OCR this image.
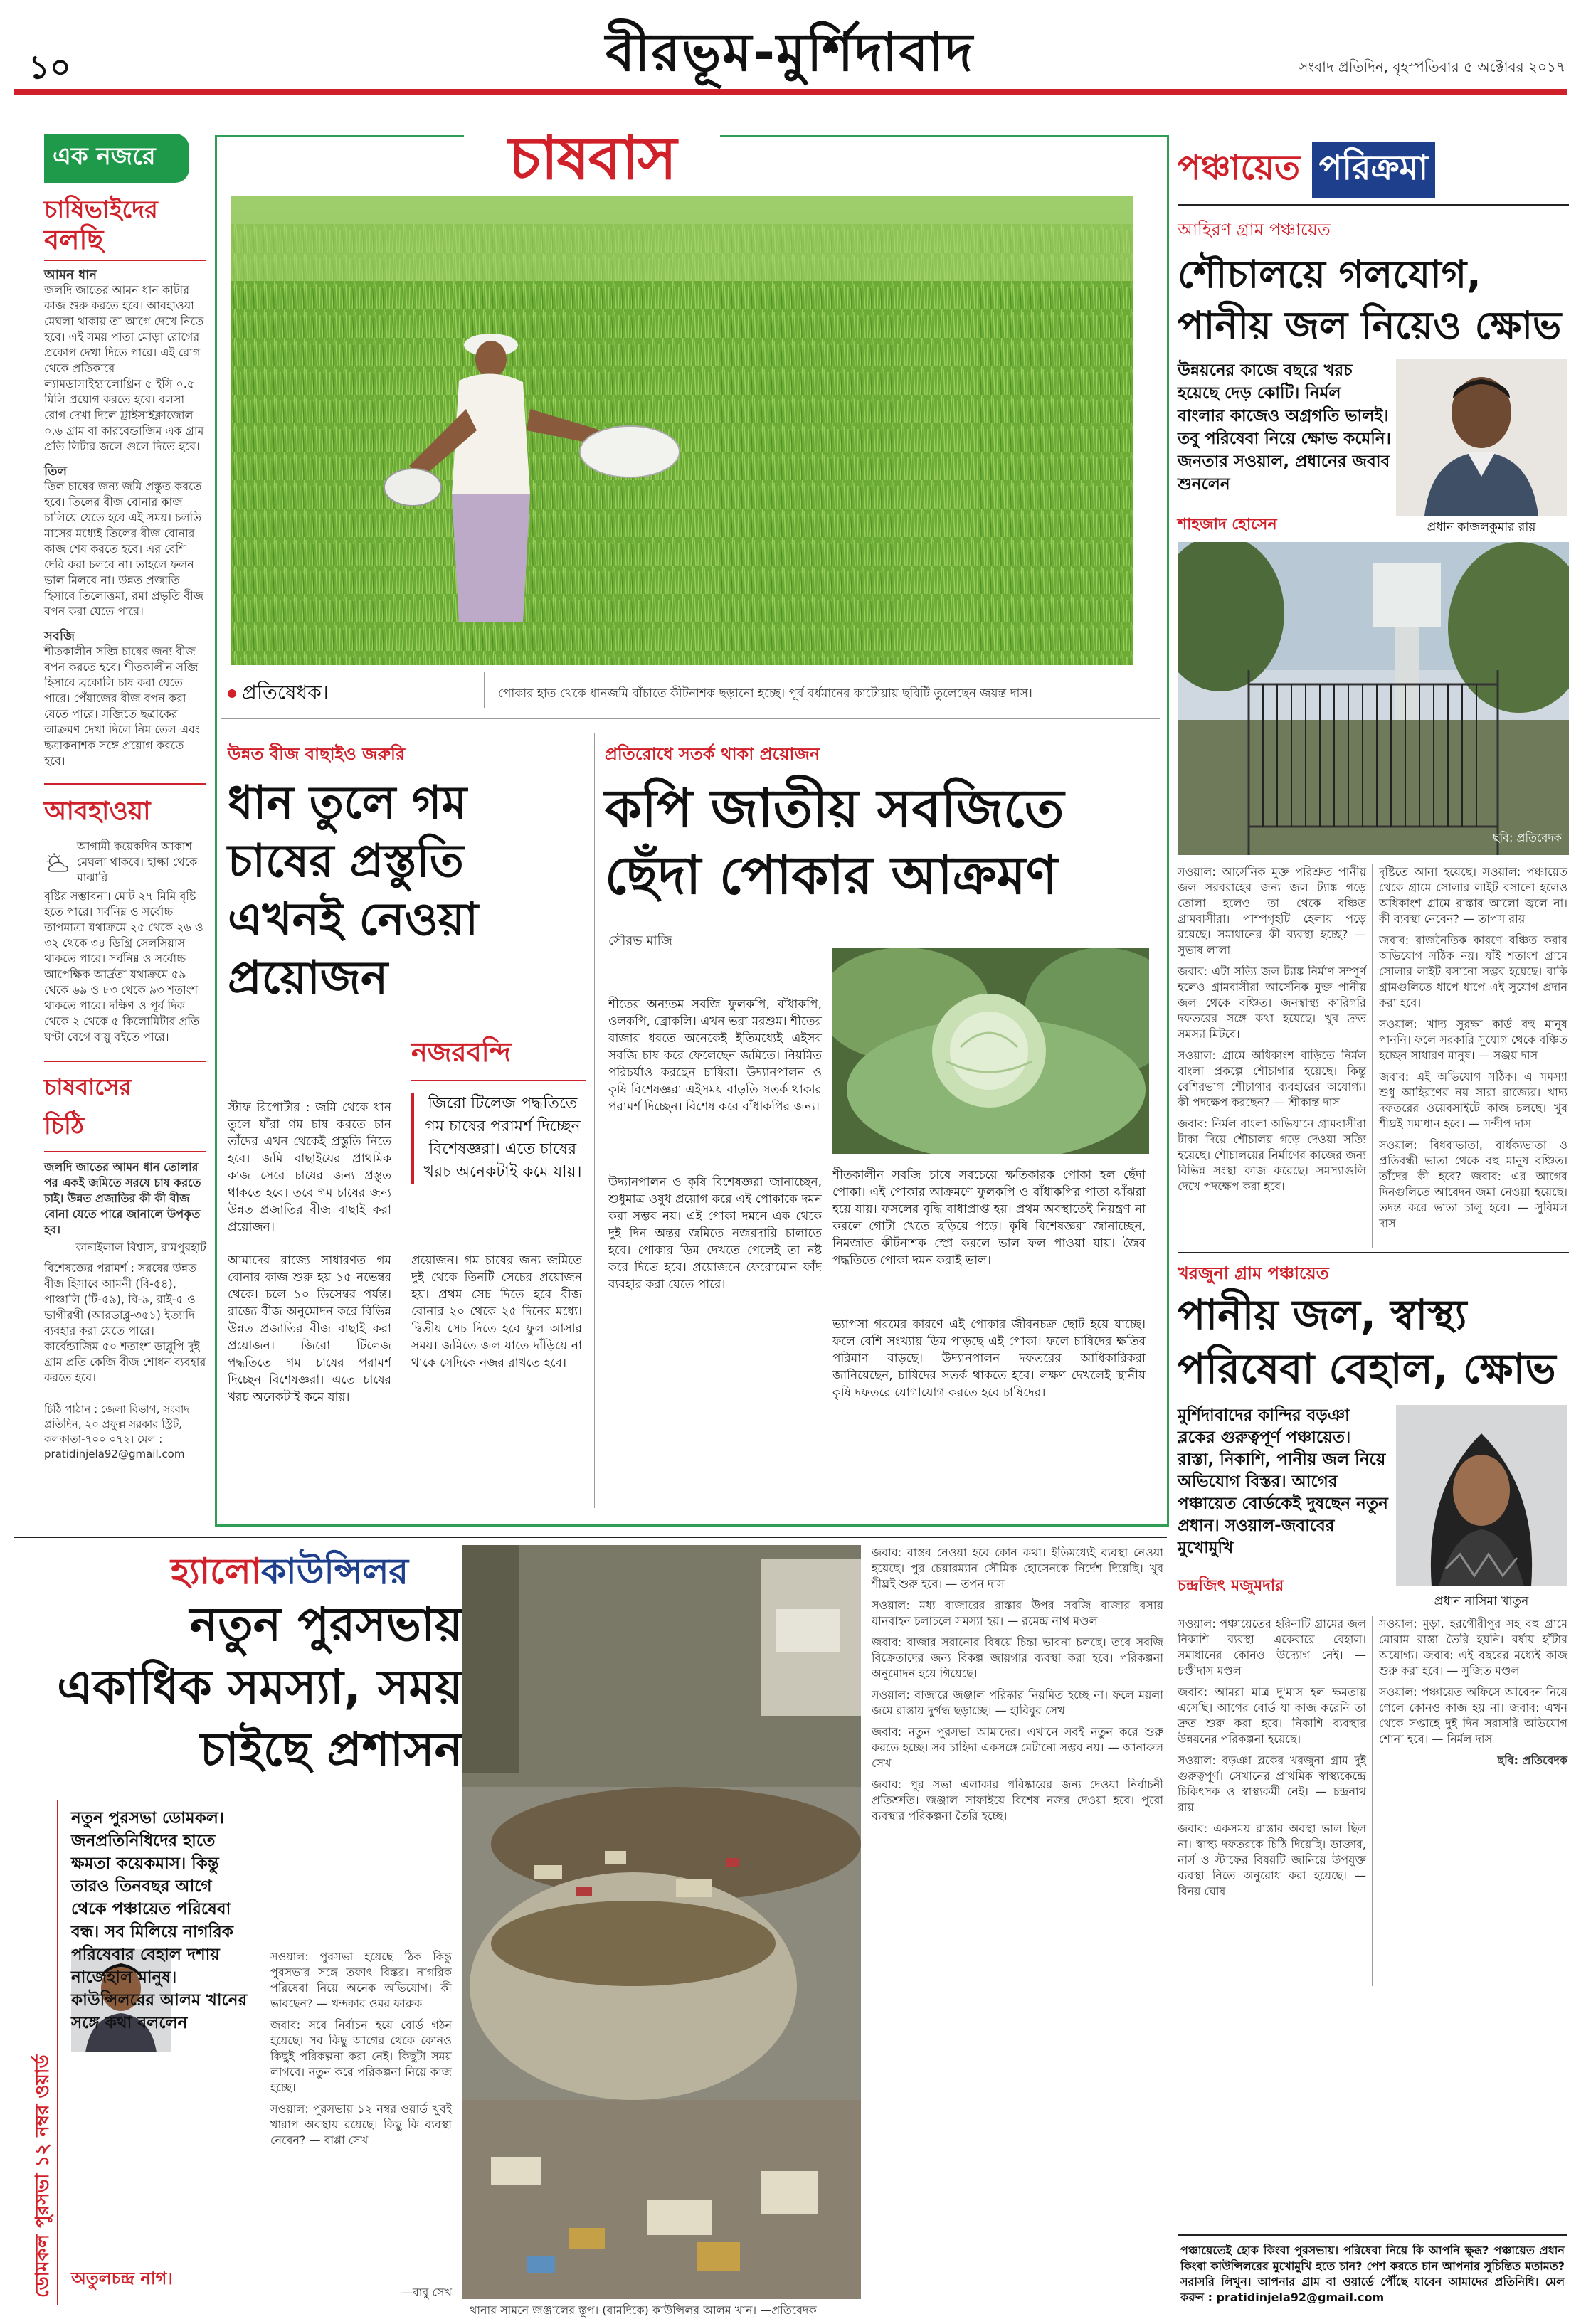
১০	বীরভূম-মুর্শিদাবাদ	সংবাদ প্রতিদিন, বৃহস্পতিবার ৫ অক্টোবর ২০১৭
এক নজরে
চাষিভাইদের
বলছি
আমন ধান
জলদি জাতের আমন ধান কাটার কাজ শুরু করতে হবে। আবহাওয়া মেঘলা থাকায় তা আগে দেখে নিতে হবে। এই সময় পাতা মোড়া রোগের প্রকোপ দেখা দিতে পারে। এই রোগ থেকে প্রতিকারে ল্যামডাসাইহ্যালোথ্রিন ৫ ইসি ০.৫ মিলি প্রয়োগ করতে হবে। বলসা রোগ দেখা দিলে ট্রাইসাইক্লাজোল ০.৬ গ্রাম বা কারবেন্ডাজিম এক গ্রাম প্রতি লিটার জলে গুলে দিতে হবে।
তিল
তিল চাষের জন্য জমি প্রস্তুত করতে হবে। তিলের বীজ বোনার কাজ চালিয়ে যেতে হবে এই সময়। চলতি মাসের মধ্যেই তিলের বীজ বোনার কাজ শেষ করতে হবে। এর বেশি দেরি করা চলবে না। তাহলে ফলন ভাল মিলবে না। উন্নত প্রজাতি হিসাবে তিলোত্তমা, রমা প্রভৃতি বীজ বপন করা যেতে পারে।
সবজি
শীতকালীন সব্জি চাষের জন্য বীজ বপন করতে হবে। শীতকালীন সব্জি হিসাবে ব্রকোলি চাষ করা যেতে পারে। পেঁয়াজের বীজ বপন করা যেতে পারে। সব্জিতে ছত্রাকের আক্রমণ দেখা দিলে নিম তেল এবং ছত্রাকনাশক সঙ্গে প্রয়োগ করতে হবে।
আবহাওয়া
আগামী কয়েকদিন আকাশ মেঘলা থাকবে। হাল্কা থেকে মাঝারি
বৃষ্টির সম্ভাবনা। মোট ২৭ মিমি বৃষ্টি হতে পারে। সর্বনিম্ন ও সর্বোচ্চ তাপমাত্রা যথাক্রমে ২৫ থেকে ২৬ ও ৩২ থেকে ৩৪ ডিগ্রি সেলসিয়াস থাকতে পারে। সর্বনিম্ন ও সর্বোচ্চ আপেক্ষিক আর্দ্রতা যথাক্রমে ৫৯ থেকে ৬৯ ও ৮৩ থেকে ৯৩ শতাংশ থাকতে পারে। দক্ষিণ ও পূর্ব দিক থেকে ২ থেকে ৫ কিলোমিটার প্রতি ঘণ্টা বেগে বায়ু বইতে পারে।
চাষবাসের
চিঠি
জলদি জাতের আমন ধান তোলার পর একই জমিতে সরষে চাষ করতে চাই। উন্নত প্রজাতির কী কী বীজ বোনা যেতে পারে জানালে উপকৃত হব।
কানাইলাল বিশ্বাস, রামপুরহাট
বিশেষজ্ঞের পরামর্শ : সরষের উন্নত বীজ হিসাবে আমনী (বি-৫৪), পাঞ্চালি (টি-৫৯), বি-৯, রাই-৫ ও ভাগীরথী (আরডাব্লু-৩৫১) ইত্যাদি ব্যবহার করা যেতে পারে। কার্বেন্ডাজিম ৫০ শতাংশ ডাব্লুপি দুই গ্রাম প্রতি কেজি বীজ শোধন ব্যবহার করতে হবে।
চিঠি পাঠান : জেলা বিভাগ, সংবাদ প্রতিদিন, ২০ প্রফুল্ল সরকার স্ট্রিট, কলকাতা-৭০০ ০৭২। মেল : pratidinjela92@gmail.com
চাষবাস
প্রতিষেধক।	পোকার হাত থেকে ধানজমি বাঁচাতে কীটনাশক ছড়ানো হচ্ছে। পূর্ব বর্ধমানের কাটোয়ায় ছবিটি তুলেছেন জয়ন্ত দাস।
উন্নত বীজ বাছাইও জরুরি
ধান তুলে গম চাষের প্রস্তুতি এখনই নেওয়া প্রয়োজন
স্টাফ রিপোর্টার : জমি থেকে ধান তুলে যাঁরা গম চাষ করতে চান তাঁদের এখন থেকেই প্রস্তুতি নিতে হবে। জমি বাছাইয়ের প্রাথমিক কাজ সেরে চাষের জন্য প্রস্তুত থাকতে হবে। তবে গম চাষের জন্য উন্নত প্রজাতির বীজ বাছাই করা প্রয়োজন।
আমাদের রাজ্যে সাধারণত গম বোনার কাজ শুরু হয় ১৫ নভেম্বর থেকে। চলে ১০ ডিসেম্বর পর্যন্ত। রাজ্যে বীজ অনুমোদন করে বিভিন্ন উন্নত প্রজাতির বীজ বাছাই করা প্রয়োজন। জিরো টিলেজ পদ্ধতিতে গম চাষের পরামর্শ দিচ্ছেন বিশেষজ্ঞরা। এতে চাষের খরচ অনেকটাই কমে যায়।
নজরবন্দি
জিরো টিলেজ পদ্ধতিতে গম চাষের পরামর্শ দিচ্ছেন বিশেষজ্ঞরা। এতে চাষের খরচ অনেকটাই কমে যায়।
প্রয়োজন। গম চাষের জন্য জমিতে দুই থেকে তিনটি সেচের প্রয়োজন হয়। প্রথম সেচ দিতে হবে বীজ বোনার ২০ থেকে ২৫ দিনের মধ্যে। দ্বিতীয় সেচ দিতে হবে ফুল আসার সময়। জমিতে জল যাতে দাঁড়িয়ে না থাকে সেদিকে নজর রাখতে হবে।
প্রতিরোধে সতর্ক থাকা প্রয়োজন
কপি জাতীয় সবজিতে ছেঁদা পোকার আক্রমণ
সৌরভ মাজি
শীতের অন্যতম সবজি ফুলকপি, বাঁধাকপি, ওলকপি, ব্রোকলি। এখন ভরা মরশুম। শীতের বাজার ধরতে অনেকেই ইতিমধ্যেই এইসব সবজি চাষ করে ফেলেছেন জমিতে। নিয়মিত পরিচর্যাও করছেন চাষিরা। উদ্যানপালন ও কৃষি বিশেষজ্ঞরা এইসময় বাড়তি সতর্ক থাকার পরামর্শ দিচ্ছেন। বিশেষ করে বাঁধাকপির জন্য।
শীতকালীন সবজি চাষে সবচেয়ে ক্ষতিকারক পোকা হল ছেঁদা পোকা। এই পোকার আক্রমণে ফুলকপি ও বাঁধাকপির পাতা ঝাঁঝরা হয়ে যায়। ফসলের বৃদ্ধি বাধাপ্রাপ্ত হয়। প্রথম অবস্থাতেই নিয়ন্ত্রণ না করলে গোটা খেতে ছড়িয়ে পড়ে। কৃষি বিশেষজ্ঞরা জানাচ্ছেন, নিমজাত কীটনাশক স্প্রে করলে ভাল ফল পাওয়া যায়। জৈব পদ্ধতিতে পোকা দমন করাই ভাল।
উদ্যানপালন ও কৃষি বিশেষজ্ঞরা জানাচ্ছেন, শুধুমাত্র ওষুধ প্রয়োগ করে এই পোকাকে দমন করা সম্ভব নয়। এই পোকা দমনে এক থেকে দুই দিন অন্তর জমিতে নজরদারি চালাতে হবে। পোকার ডিম দেখতে পেলেই তা নষ্ট করে দিতে হবে। প্রয়োজনে ফেরোমোন ফাঁদ ব্যবহার করা যেতে পারে।
ভ্যাপসা গরমের কারণে এই পোকার জীবনচক্র ছোট হয়ে যাচ্ছে। ফলে বেশি সংখ্যায় ডিম পাড়ছে এই পোকা। ফলে চাষিদের ক্ষতির পরিমাণ বাড়ছে। উদ্যানপালন দফতরের আধিকারিকরা জানিয়েছেন, চাষিদের সতর্ক থাকতে হবে। লক্ষণ দেখলেই স্থানীয় কৃষি দফতরে যোগাযোগ করতে হবে চাষিদের।
পঞ্চায়েত পরিক্রমা
আহিরণ গ্রাম পঞ্চায়েত
শৌচালয়ে গলযোগ, পানীয় জল নিয়েও ক্ষোভ
উন্নয়নের কাজে বছরে খরচ হয়েছে দেড় কোটি। নির্মল বাংলার কাজেও অগ্রগতি ভালই। তবু পরিষেবা নিয়ে ক্ষোভ কমেনি। জনতার সওয়াল, প্রধানের জবাব শুনলেন
শাহজাদ হোসেন	প্রধান কাজলকুমার রায়
ছবি: প্রতিবেদক

সওয়াল: আর্সেনিক মুক্ত পরিশ্রুত পানীয় জল সরবরাহের জন্য জল ট্যাঙ্ক গড়ে তোলা হলেও তা থেকে বঞ্চিত গ্রামবাসীরা। পাম্পগৃহটি হেলায় পড়ে রয়েছে। সমাধানের কী ব্যবস্থা হচ্ছে? — সুভাষ লালা

জবাব: এটা সত্যি জল ট্যাঙ্ক নির্মাণ সম্পূর্ণ হলেও গ্রামবাসীরা আর্সেনিক মুক্ত পানীয় জল থেকে বঞ্চিত। জনস্বাস্থ্য কারিগরি দফতরের সঙ্গে কথা হয়েছে। খুব দ্রুত সমস্যা মিটবে।

সওয়াল: গ্রামে অধিকাংশ বাড়িতে নির্মল বাংলা প্রকল্পে শৌচাগার হয়েছে। কিন্তু বেশিরভাগ শৌচাগার ব্যবহারের অযোগ্য। কী পদক্ষেপ করছেন? — শ্রীকান্ত দাস

জবাব: নির্মল বাংলা অভিযানে গ্রামবাসীরা টাকা দিয়ে শৌচালয় গড়ে দেওয়া সত্যি হয়েছে। শৌচালয়ের নির্মাণের কাজের জন্য বিভিন্ন সংস্থা কাজ করেছে। সমস্যাগুলি দেখে পদক্ষেপ করা হবে।

দৃষ্টিতে আনা হয়েছে। সওয়াল: পঞ্চায়েত থেকে গ্রামে সোলার লাইট বসানো হলেও অধিকাংশ গ্রামে রাস্তার আলো জ্বলে না। কী ব্যবস্থা নেবেন? — তাপস রায়

জবাব: রাজনৈতিক কারণে বঞ্চিত করার অভিযোগ সঠিক নয়। যাঁই শতাংশ গ্রামে সোলার লাইট বসানো সম্ভব হয়েছে। বাকি গ্রামগুলিতে ধাপে ধাপে এই সুযোগ প্রদান করা হবে।

সওয়াল: খাদ্য সুরক্ষা কার্ড বহু মানুষ পাননি। ফলে সরকারি সুযোগ থেকে বঞ্চিত হচ্ছেন সাধারণ মানুষ। — সঞ্জয় দাস

জবাব: এই অভিযোগ সঠিক। এ সমস্যা শুধু আহিরণের নয় সারা রাজ্যের। খাদ্য দফতরের ওয়েবসাইটে কাজ চলছে। খুব শীঘ্রই সমাধান হবে। — সন্দীপ দাস

সওয়াল: বিধবাভাতা, বার্ধক্যভাতা ও প্রতিবন্ধী ভাতা থেকে বহু মানুষ বঞ্চিত। তাঁদের কী হবে? জবাব: এর আগের দিনগুলিতে আবেদন জমা নেওয়া হয়েছে। তদন্ত করে ভাতা চালু হবে। — সুবিমল দাস

খরজুনা গ্রাম পঞ্চায়েত
পানীয় জল, স্বাস্থ্য পরিষেবা বেহাল, ক্ষোভ
মুর্শিদাবাদের কান্দির বড়ঞা ব্লকের গুরুত্বপূর্ণ পঞ্চায়েত। রাস্তা, নিকাশি, পানীয় জল নিয়ে অভিযোগ বিস্তর। আগের পঞ্চায়েত বোর্ডকেই দুষছেন নতুন প্রধান। সওয়াল-জবাবের মুখোমুখি
চন্দ্রজিৎ মজুমদার
প্রধান নাসিমা খাতুন

সওয়াল: পঞ্চায়েতের হরিনাটি গ্রামের জল নিকাশি ব্যবস্থা একেবারে বেহাল। সমাধানের কোনও উদ্যোগ নেই। — চণ্ডীদাস মণ্ডল

জবাব: আমরা মাত্র দু'মাস হল ক্ষমতায় এসেছি। আগের বোর্ড যা কাজ করেনি তা দ্রুত শুরু করা হবে। নিকাশি ব্যবস্থার উন্নয়নের পরিকল্পনা হয়েছে।

সওয়াল: বড়ঞা ব্লকের খরজুনা গ্রাম দুই গুরুত্বপূর্ণ। সেখানের প্রাথমিক স্বাস্থ্যকেন্দ্রে চিকিৎসক ও স্বাস্থ্যকর্মী নেই। — চন্দ্রনাথ রায়

জবাব: একসময় রাস্তার অবস্থা ভাল ছিল না। স্বাস্থ্য দফতরকে চিঠি দিয়েছি। ডাক্তার, নার্স ও স্টাফের বিষয়টি জানিয়ে উপযুক্ত ব্যবস্থা নিতে অনুরোধ করা হয়েছে। — বিনয় ঘোষ

সওয়াল: মুড়া, হরগৌরীপুর সহ বহু গ্রামে মোরাম রাস্তা তৈরি হয়নি। বর্ষায় হাঁটার অযোগ্য। জবাব: এই বছরের মধ্যেই কাজ শুরু করা হবে। — সুজিত মণ্ডল

সওয়াল: পঞ্চায়েত অফিসে আবেদন নিয়ে গেলে কোনও কাজ হয় না। জবাব: এখন থেকে সপ্তাহে দুই দিন সরাসরি অভিযোগ শোনা হবে। — নির্মল দাস

ছবি: প্রতিবেদক

হ্যালোকাউন্সিলর
নতুন পুরসভায় একাধিক সমস্যা, সময় চাইছে প্রশাসন
ডোমকল পুরসভা ১২ নম্বর ওয়ার্ড
নতুন পুরসভা ডোমকল। জনপ্রতিনিধিদের হাতে ক্ষমতা কয়েকমাস। কিন্তু তারও তিনবছর আগে থেকে পঞ্চায়েত পরিষেবা বন্ধ। সব মিলিয়ে নাগরিক পরিষেবার বেহাল দশায় নাজেহাল মানুষ। কাউন্সিলরের আলম খানের সঙ্গে কথা বললেন
অতুলচন্দ্র নাগ।

সওয়াল: পুরসভা হয়েছে ঠিক কিন্তু পুরসভার সঙ্গে তফাৎ বিস্তর। নাগরিক পরিষেবা নিয়ে অনেক অভিযোগ। কী ভাবছেন? — খন্দকার ওমর ফারুক

জবাব: সবে নির্বাচন হয়ে বোর্ড গঠন হয়েছে। সব কিছু আগের থেকে কোনও কিছুই পরিকল্পনা করা নেই। কিছুটা সময় লাগবে। নতুন করে পরিকল্পনা নিয়ে কাজ হচ্ছে।

সওয়াল: পুরসভায় ১২ নম্বর ওয়ার্ড খুবই খারাপ অবস্থায় রয়েছে। কিছু কি ব্যবস্থা নেবেন? — বাপ্পা সেখ

থানার সামনে জঞ্জালের স্তূপ। (বামদিকে) কাউন্সিলর আলম খান। —প্রতিবেদক
—বাবু সেখ

জবাব: বাস্তব নেওয়া হবে কোন কথা। ইতিমধ্যেই ব্যবস্থা নেওয়া হয়েছে। পুর চেয়ারম্যান সৌমিক হোসেনকে নির্দেশ দিয়েছি। খুব শীঘ্রই শুরু হবে। — তপন দাস

সওয়াল: মধ্য বাজারের রাস্তার উপর সবজি বাজার বসায় যানবাহন চলাচলে সমস্যা হয়। — রমেন্দ্র নাথ মণ্ডল

জবাব: বাজার সরানোর বিষয়ে চিন্তা ভাবনা চলছে। তবে সবজি বিক্রেতাদের জন্য বিকল্প জায়গার ব্যবস্থা করা হবে। পরিকল্পনা অনুমোদন হয়ে গিয়েছে।

সওয়াল: বাজারে জঞ্জাল পরিষ্কার নিয়মিত হচ্ছে না। ফলে ময়লা জমে রাস্তায় দুর্গন্ধ ছড়াচ্ছে। — হাবিবুর সেখ

জবাব: নতুন পুরসভা আমাদের। এখানে সবই নতুন করে শুরু করতে হচ্ছে। সব চাহিদা একসঙ্গে মেটানো সম্ভব নয়। — আনারুল সেখ

জবাব: পুর সভা এলাকার পরিষ্কারের জন্য দেওয়া নির্বাচনী প্রতিশ্রুতি। জঞ্জাল সাফাইয়ে বিশেষ নজর দেওয়া হবে। পুরো ব্যবস্থার পরিকল্পনা তৈরি হচ্ছে।

পঞ্চায়েতেই হোক কিংবা পুরসভায়। পরিষেবা নিয়ে কি আপনি ক্ষুব্ধ? পঞ্চায়েত প্রধান কিংবা কাউন্সিলরের মুখোমুখি হতে চান? পেশ করতে চান আপনার সুচিন্তিত মতামত? সরাসরি লিখুন। আপনার গ্রাম বা ওয়ার্ডে পৌঁছে যাবেন আমাদের প্রতিনিধি। মেল করুন : pratidinjela92@gmail.com
